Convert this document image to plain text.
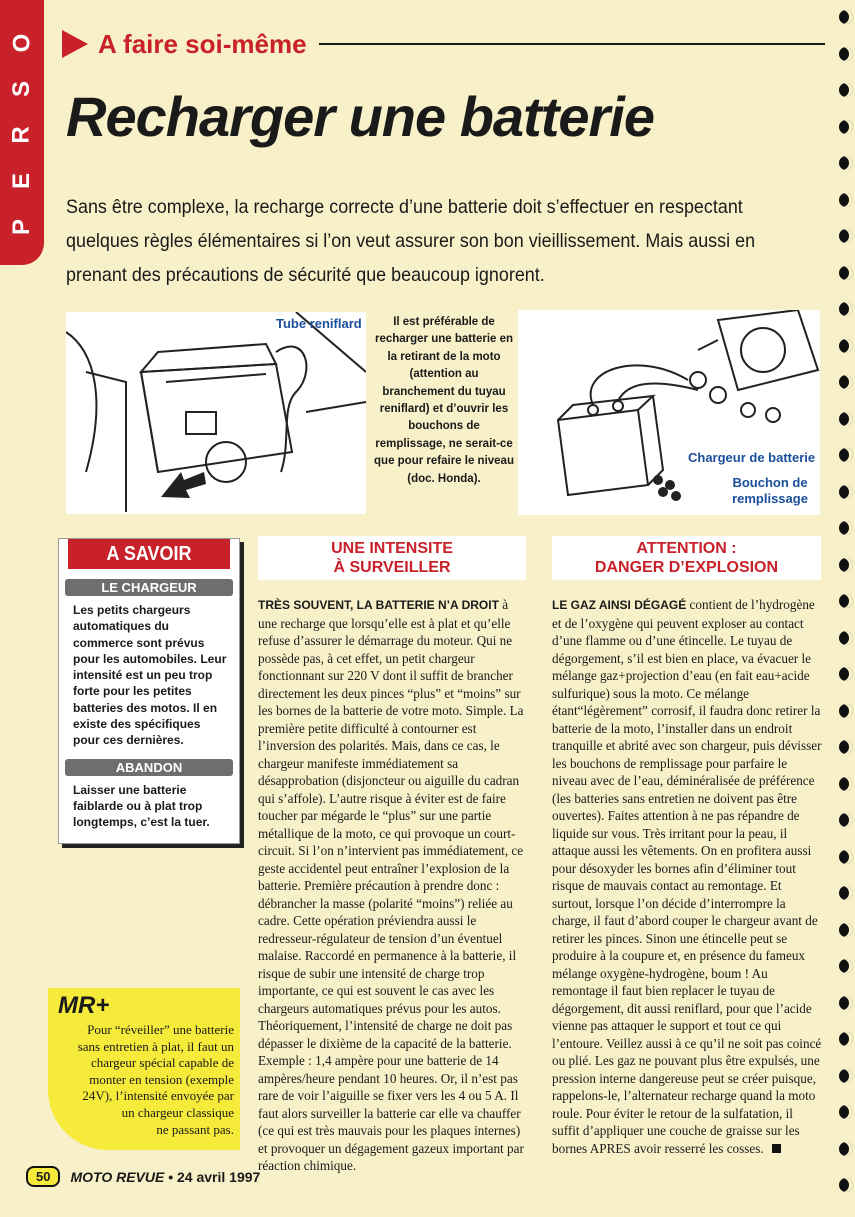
O
S
R
E
P
A faire soi-même
Recharger une batterie
Sans être complexe, la recharge correcte d’une batterie doit s’effectuer en respectant quelques règles élémentaires si l’on veut assurer son bon vieillissement. Mais aussi en prenant des précautions de sécurité que beaucoup ignorent.
Tube reniflard	Il est préférable de recharger une batterie en la retirant de la moto (attention au branchement du tuyau reniflard) et d’ouvrir les bouchons de remplissage, ne serait-ce que pour refaire le niveau (doc. Honda).
Chargeur de batterie
Bouchon de remplissage
A SAVOIR
LE CHARGEUR
Les petits chargeurs automatiques du commerce sont prévus pour les automobiles. Leur intensité est un peu trop forte pour les petites batteries des motos. Il en existe des spécifiques pour ces dernières.
ABANDON
Laisser une batterie faiblarde ou à plat trop longtemps, c’est la tuer.
UNE INTENSITE
À SURVEILLER
ATTENTION :
DANGER D’EXPLOSION
TRÈS SOUVENT, LA BATTERIE N’A DROIT à une recharge que lorsqu’elle est à plat et qu’elle refuse d’assurer le démarrage du moteur. Qui ne possède pas, à cet effet, un petit chargeur fonctionnant sur 220 V dont il suffit de brancher directement les deux pinces “plus” et “moins” sur les bornes de la batterie de votre moto. Simple. La première petite difficulté à contourner est l’inversion des polarités. Mais, dans ce cas, le chargeur manifeste immédiatement sa désapprobation (disjoncteur ou aiguille du cadran qui s’affole). L’autre risque à éviter est de faire toucher par mégarde le “plus” sur une partie métallique de la moto, ce qui provoque un court-circuit. Si l’on n’intervient pas immédiatement, ce geste accidentel peut entraîner l’explosion de la batterie. Première précaution à prendre donc : débrancher la masse (polarité “moins”) reliée au cadre. Cette opération préviendra aussi le redresseur-régulateur de tension d’un éventuel malaise. Raccordé en permanence à la batterie, il risque de subir une intensité de charge trop importante, ce qui est souvent le cas avec les chargeurs automatiques prévus pour les autos. Théoriquement, l’intensité de charge ne doit pas dépasser le dixième de la capacité de la batterie. Exemple : 1,4 ampère pour une batterie de 14 ampères/heure pendant 10 heures. Or, il n’est pas rare de voir l’aiguille se fixer vers les 4 ou 5 A. Il faut alors surveiller la batterie car elle va chauffer (ce qui est très mauvais pour les plaques internes) et provoquer un dégagement gazeux important par réaction chimique.
LE GAZ AINSI DÉGAGÉ contient de l’hydrogène et de l’oxygène qui peuvent exploser au contact d’une flamme ou d’une étincelle. Le tuyau de dégorgement, s’il est bien en place, va évacuer le mélange gaz+projection d’eau (en fait eau+acide sulfurique) sous la moto. Ce mélange étant“légèrement” corrosif, il faudra donc retirer la batterie de la moto, l’installer dans un endroit tranquille et abrité avec son chargeur, puis dévisser les bouchons de remplissage pour parfaire le niveau avec de l’eau, déminéralisée de préférence (les batteries sans entretien ne doivent pas être ouvertes). Faites attention à ne pas répandre de liquide sur vous. Très irritant pour la peau, il attaque aussi les vêtements. On en profitera aussi pour désoxyder les bornes afin d’éliminer tout risque de mauvais contact au remontage. Et surtout, lorsque l’on décide d’interrompre la charge, il faut d’abord couper le chargeur avant de retirer les pinces. Sinon une étincelle peut se produire à la coupure et, en présence du fameux mélange oxygène-hydrogène, boum ! Au remontage il faut bien replacer le tuyau de dégorgement, dit aussi reniflard, pour que l’acide vienne pas attaquer le support et tout ce qui l’entoure. Veillez aussi à ce qu’il ne soit pas coincé ou plié. Les gaz ne pouvant plus être expulsés, une pression interne dangereuse peut se créer puisque, rappelons-le, l’alternateur recharge quand la moto roule. Pour éviter le retour de la sulfatation, il suffit d’appliquer une couche de graisse sur les bornes APRES avoir resserré les cosses.
MR+
Pour “réveiller” une batterie
sans entretien à plat, il faut un
chargeur spécial capable de
monter en tension (exemple
24V), l’intensité envoyée par
un chargeur classique
ne passant pas.
50	MOTO REVUE • 24 avril 1997
